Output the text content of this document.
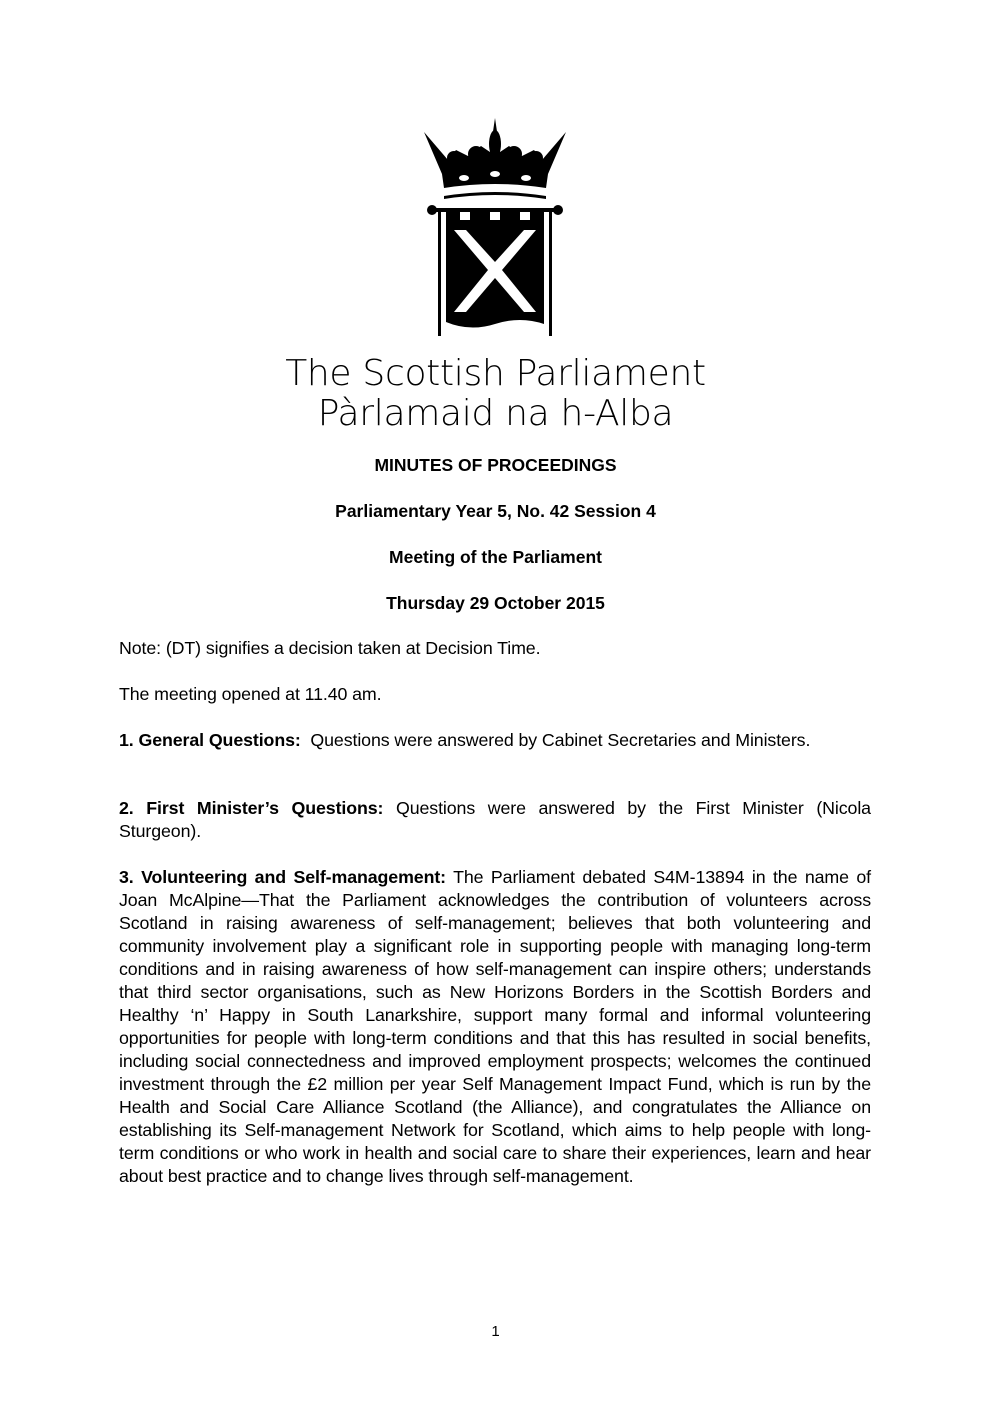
The Scottish Parliament
Pàrlamaid na h-Alba
MINUTES OF PROCEEDINGS
Parliamentary Year 5, No. 42 Session 4
Meeting of the Parliament
Thursday 29 October 2015
Note: (DT) signifies a decision taken at Decision Time.
The meeting opened at 11.40 am.
1. General Questions:  Questions were answered by Cabinet Secretaries and Ministers.
2. First Minister’s Questions: Questions were answered by the First Minister (Nicola Sturgeon).
3. Volunteering and Self-management: The Parliament debated S4M-13894 in the name of Joan McAlpine—That the Parliament acknowledges the contribution of volunteers across Scotland in raising awareness of self-management; believes that both volunteering and community involvement play a significant role in supporting people with managing long-term conditions and in raising awareness of how self-management can inspire others; understands that third sector organisations, such as New Horizons Borders in the Scottish Borders and Healthy ‘n’ Happy in South Lanarkshire, support many formal and informal volunteering opportunities for people with long-term conditions and that this has resulted in social benefits, including social connectedness and improved employment prospects; welcomes the continued investment through the £2 million per year Self Management Impact Fund, which is run by the Health and Social Care Alliance Scotland (the Alliance), and congratulates the Alliance on establishing its Self-management Network for Scotland, which aims to help people with long-term conditions or who work in health and social care to share their experiences, learn and hear about best practice and to change lives through self-management.
1
